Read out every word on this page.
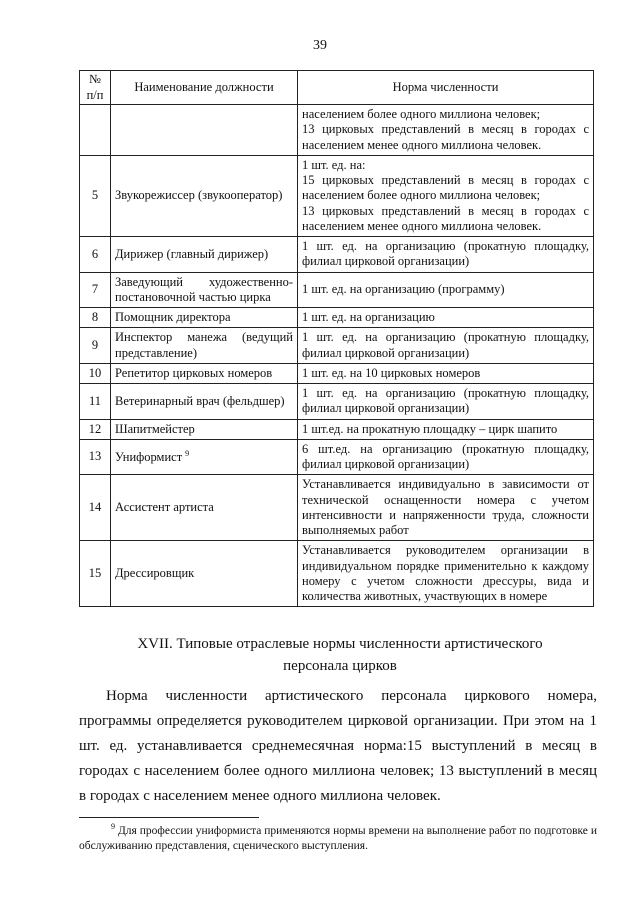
39
№
п/п	Наименование должности	Норма численности

		населением более одного миллиона человек;
13 цирковых представлений в месяц в городах с населением менее одного миллиона человек.

5	Звукорежиссер (звукооператор)	1 шт. ед. на:
15 цирковых представлений в месяц в городах с населением более одного миллиона человек;
13 цирковых представлений в месяц в городах с населением менее одного миллиона человек.

6	Дирижер (главный дирижер)	1 шт. ед. на организацию (прокатную площадку, филиал цирковой организации)

7	Заведующий художественно-постановочной частью цирка	1 шт. ед. на организацию (программу)

8	Помощник директора	1 шт. ед. на организацию

9	Инспектор манежа (ведущий представление)	1 шт. ед. на организацию (прокатную площадку, филиал цирковой организации)

10	Репетитор цирковых номеров	1 шт. ед. на 10 цирковых номеров

11	Ветеринарный врач (фельдшер)	1 шт. ед. на организацию (прокатную площадку, филиал цирковой организации)

12	Шапитмейстер	1 шт.ед. на прокатную площадку – цирк шапито

13	Униформист $^9$	6 шт.ед. на организацию (прокатную площадку, филиал цирковой организации)

14	Ассистент артиста	Устанавливается индивидуально в зависимости от технической оснащенности номера с учетом интенсивности и напряженности труда, сложности выполняемых работ

15	Дрессировщик	Устанавливается руководителем организации в индивидуальном порядке применительно к каждому номеру с учетом сложности дрессуры, вида и количества животных, участвующих в номере
XVII. Типовые отраслевые нормы численности артистического
персонала цирков
Норма численности артистического персонала циркового номера, программы определяется руководителем цирковой организации. При этом на 1 шт. ед. устанавливается среднемесячная норма:15 выступлений в месяц в городах с населением более одного миллиона человек; 13 выступлений в месяц в городах с населением менее одного миллиона человек.
$^9$ Для профессии униформиста применяются нормы времени на выполнение работ по подготовке и обслуживанию представления, сценического выступления.
